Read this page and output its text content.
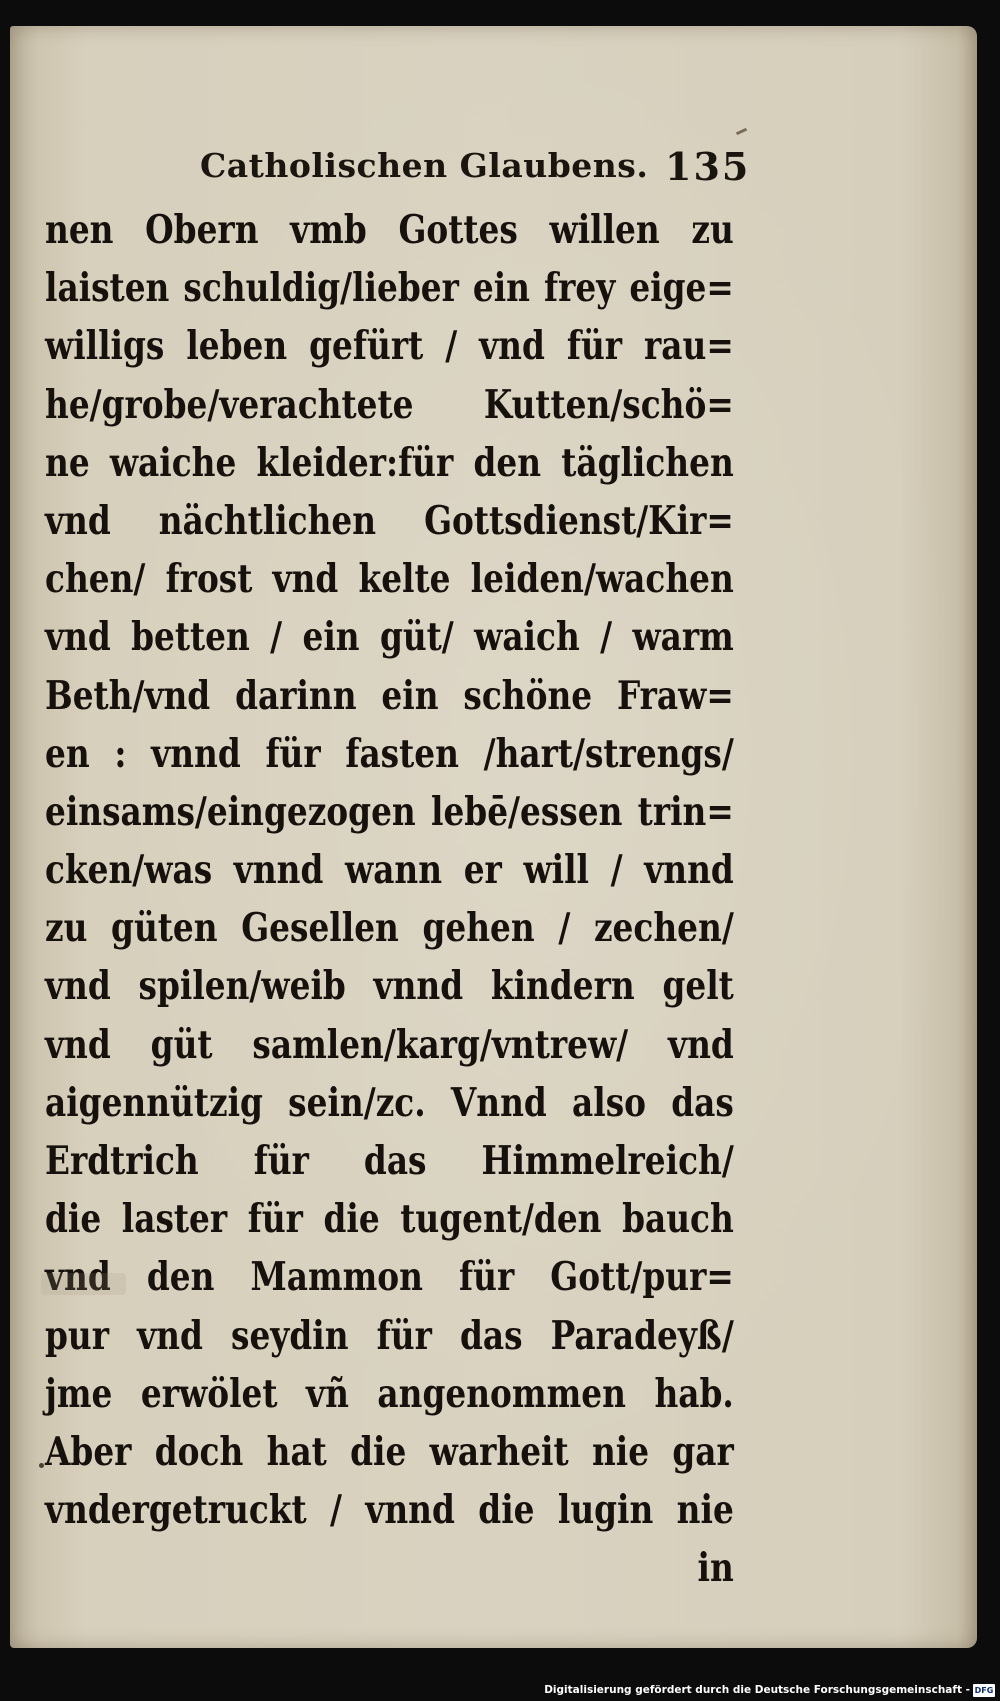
Catholischen Glaubens. 135
nen Obern vmb Gottes willen zu
laisten schuldig/lieber ein frey eige=
willigs leben gefürt / vnd für rau=
he/grobe/verachtete Kutten/schö=
ne waiche kleider:für den täglichen
vnd nächtlichen Gottsdienst/Kir=
chen/ frost vnd kelte leiden/wachen
vnd betten / ein güt/ waich / warm
Beth/vnd darinn ein schöne Fraw=
en : vnnd für fasten /hart/strengs/
einsams/eingezogen lebē/essen trin=
cken/was vnnd wann er will / vnnd
zu güten Gesellen gehen / zechen/
vnd spilen/weib vnnd kindern gelt
vnd güt samlen/karg/vntrew/ vnd
aigennützig sein/zc. Vnnd also das
Erdtrich für das Himmelreich/
die laster für die tugent/den bauch
vnd den Mammon für Gott/pur=
pur vnd seydin für das Paradeyß/
jme erwölet vñ angenommen hab.
Aber doch hat die warheit nie gar
vndergetruckt / vnnd die lugin nie
in
Digitalisierung gefördert durch die Deutsche Forschungsgemeinschaft - DFG
